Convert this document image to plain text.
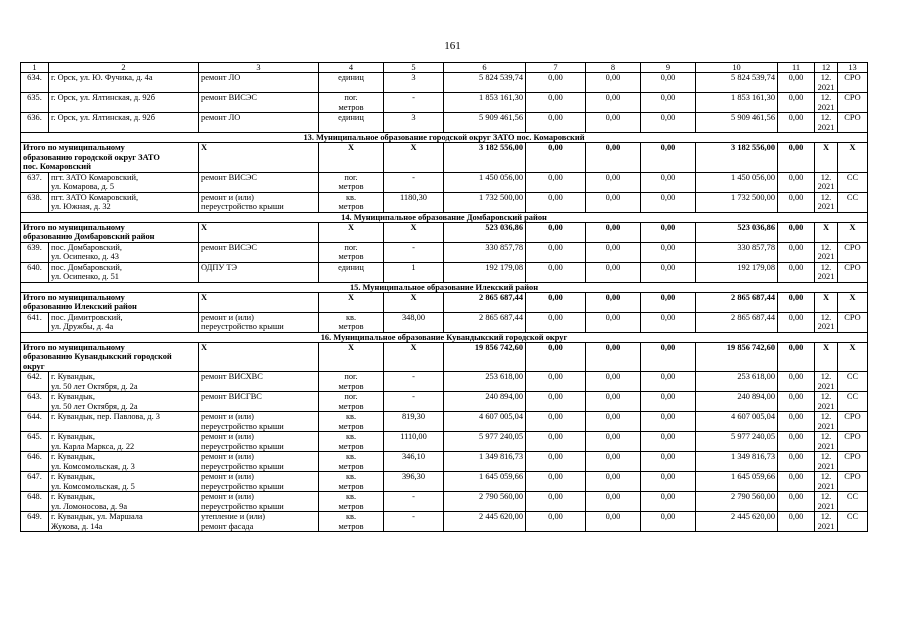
161
1	2	3	4	5	6	7	8	9	10	11	12	13
634.	г. Орск, ул. Ю. Фучика, д. 4а	ремонт ЛО	единиц	3	5 824 539,74	0,00	0,00	0,00	5 824 539,74	0,00	12.
2021	СРО
635.	г. Орск, ул. Ялтинская, д. 92б	ремонт ВИСЭС	пог.
метров	-	1 853 161,30	0,00	0,00	0,00	1 853 161,30	0,00	12.
2021	СРО
636.	г. Орск, ул. Ялтинская, д. 92б	ремонт ЛО	единиц	3	5 909 461,56	0,00	0,00	0,00	5 909 461,56	0,00	12.
2021	СРО
13. Муниципальное образование городской округ ЗАТО пос. Комаровский												
Итого по муниципальному
образованию городской округ ЗАТО
пос. Комаровский		X	X	X	3 182 556,00	0,00	0,00	0,00	3 182 556,00	0,00	X	X
637.	пгт. ЗАТО Комаровский,
ул. Комарова, д. 5	ремонт ВИСЭС	пог.
метров	-	1 450 056,00	0,00	0,00	0,00	1 450 056,00	0,00	12.
2021	СС
638.	пгт. ЗАТО Комаровский,
ул. Южная, д. 32	ремонт и (или)
переустройство крыши	кв.
метров	1180,30	1 732 500,00	0,00	0,00	0,00	1 732 500,00	0,00	12.
2021	СС
14. Муниципальное образование Домбаровский район												
Итого по муниципальному
образованию Домбаровский район		X	X	X	523 036,86	0,00	0,00	0,00	523 036,86	0,00	X	X
639.	пос. Домбаровский,
ул. Осипенко, д. 43	ремонт ВИСЭС	пог.
метров	-	330 857,78	0,00	0,00	0,00	330 857,78	0,00	12.
2021	СРО
640.	пос. Домбаровский,
ул. Осипенко, д. 51	ОДПУ ТЭ	единиц	1	192 179,08	0,00	0,00	0,00	192 179,08	0,00	12.
2021	СРО
15. Муниципальное образование Илекский район												
Итого по муниципальному
образованию Илекский район		X	X	X	2 865 687,44	0,00	0,00	0,00	2 865 687,44	0,00	X	X
641.	пос. Димитровский,
ул. Дружбы, д. 4а	ремонт и (или)
переустройство крыши	кв.
метров	348,00	2 865 687,44	0,00	0,00	0,00	2 865 687,44	0,00	12.
2021	СРО
16. Муниципальное образование Кувандыкский городской округ												
Итого по муниципальному
образованию Кувандыкский городской
округ		X	X	X	19 856 742,60	0,00	0,00	0,00	19 856 742,60	0,00	X	X
642.	г. Кувандык,
ул. 50 лет Октября, д. 2а	ремонт ВИСХВС	пог.
метров	-	253 618,00	0,00	0,00	0,00	253 618,00	0,00	12.
2021	СС
643.	г. Кувандык,
ул. 50 лет Октября, д. 2а	ремонт ВИСГВС	пог.
метров	-	240 894,00	0,00	0,00	0,00	240 894,00	0,00	12.
2021	СС
644.	г. Кувандык, пер. Павлова, д. 3	ремонт и (или)
переустройство крыши	кв.
метров	819,30	4 607 005,04	0,00	0,00	0,00	4 607 005,04	0,00	12.
2021	СРО
645.	г. Кувандык,
ул. Карла Маркса, д. 22	ремонт и (или)
переустройство крыши	кв.
метров	1110,00	5 977 240,05	0,00	0,00	0,00	5 977 240,05	0,00	12.
2021	СРО
646.	г. Кувандык,
ул. Комсомольская, д. 3	ремонт и (или)
переустройство крыши	кв.
метров	346,10	1 349 816,73	0,00	0,00	0,00	1 349 816,73	0,00	12.
2021	СРО
647.	г. Кувандык,
ул. Комсомольская, д. 5	ремонт и (или)
переустройство крыши	кв.
метров	396,30	1 645 059,66	0,00	0,00	0,00	1 645 059,66	0,00	12.
2021	СРО
648.	г. Кувандык,
ул. Ломоносова, д. 9а	ремонт и (или)
переустройство крыши	кв.
метров	-	2 790 560,00	0,00	0,00	0,00	2 790 560,00	0,00	12.
2021	СС
649.	г. Кувандык, ул. Маршала
Жукова, д. 14а	утепление и (или)
ремонт фасада	кв.
метров	-	2 445 620,00	0,00	0,00	0,00	2 445 620,00	0,00	12.
2021	СС
